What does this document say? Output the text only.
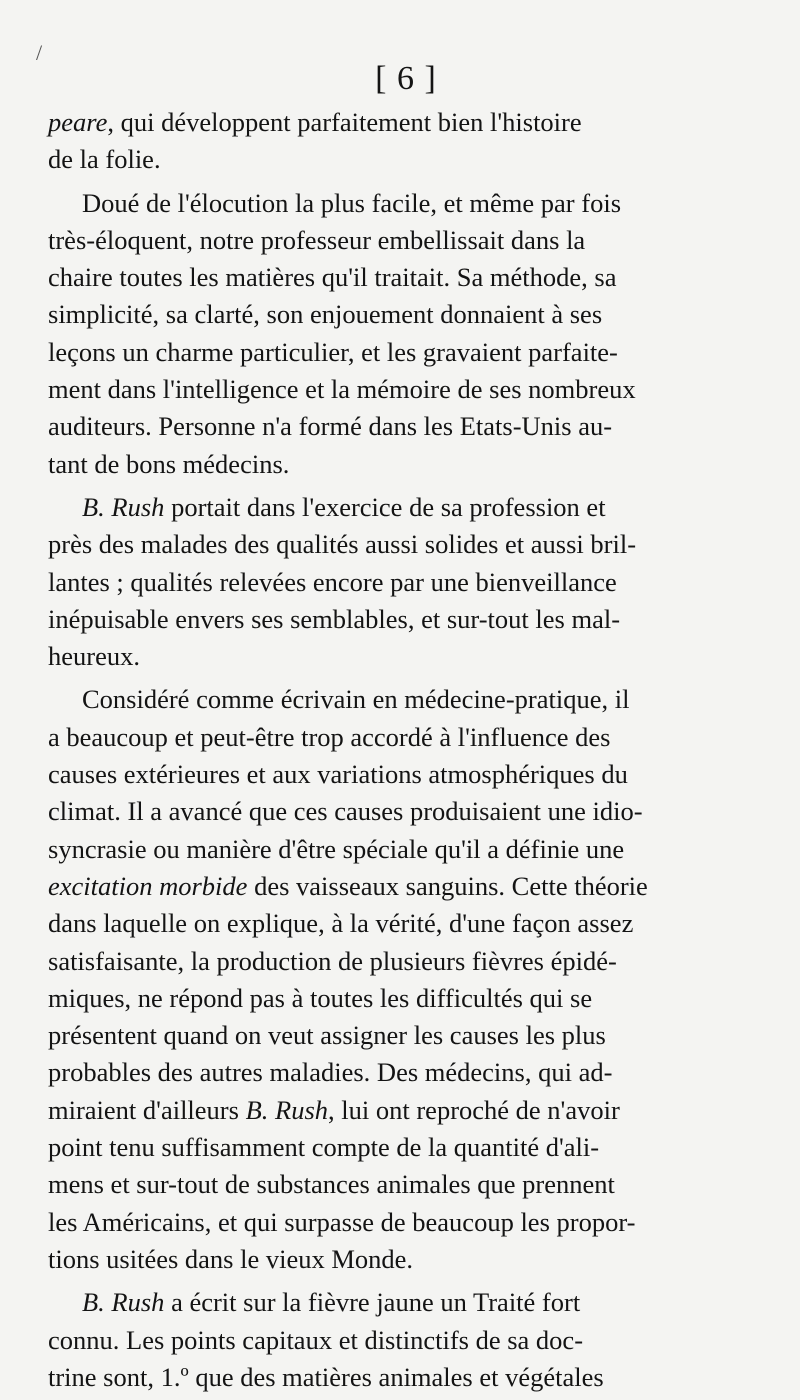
/
[ 6 ]
peare, qui développent parfaitement bien l'histoire
de la folie.
Doué de l'élocution la plus facile, et même par fois
très-éloquent, notre professeur embellissait dans la
chaire toutes les matières qu'il traitait. Sa méthode, sa
simplicité, sa clarté, son enjouement donnaient à ses
leçons un charme particulier, et les gravaient parfaite-
ment dans l'intelligence et la mémoire de ses nombreux
auditeurs. Personne n'a formé dans les Etats-Unis au-
tant de bons médecins.
B. Rush portait dans l'exercice de sa profession et
près des malades des qualités aussi solides et aussi bril-
lantes ; qualités relevées encore par une bienveillance
inépuisable envers ses semblables, et sur-tout les mal-
heureux.
Considéré comme écrivain en médecine-pratique, il
a beaucoup et peut-être trop accordé à l'influence des
causes extérieures et aux variations atmosphériques du
climat. Il a avancé que ces causes produisaient une idio-
syncrasie ou manière d'être spéciale qu'il a définie une
excitation morbide des vaisseaux sanguins. Cette théorie
dans laquelle on explique, à la vérité, d'une façon assez
satisfaisante, la production de plusieurs fièvres épidé-
miques, ne répond pas à toutes les difficultés qui se
présentent quand on veut assigner les causes les plus
probables des autres maladies. Des médecins, qui ad-
miraient d'ailleurs B. Rush, lui ont reproché de n'avoir
point tenu suffisamment compte de la quantité d'ali-
mens et sur-tout de substances animales que prennent
les Américains, et qui surpasse de beaucoup les propor-
tions usitées dans le vieux Monde.
B. Rush a écrit sur la fièvre jaune un Traité fort
connu. Les points capitaux et distinctifs de sa doc-
trine sont, 1.º que des matières animales et végétales
